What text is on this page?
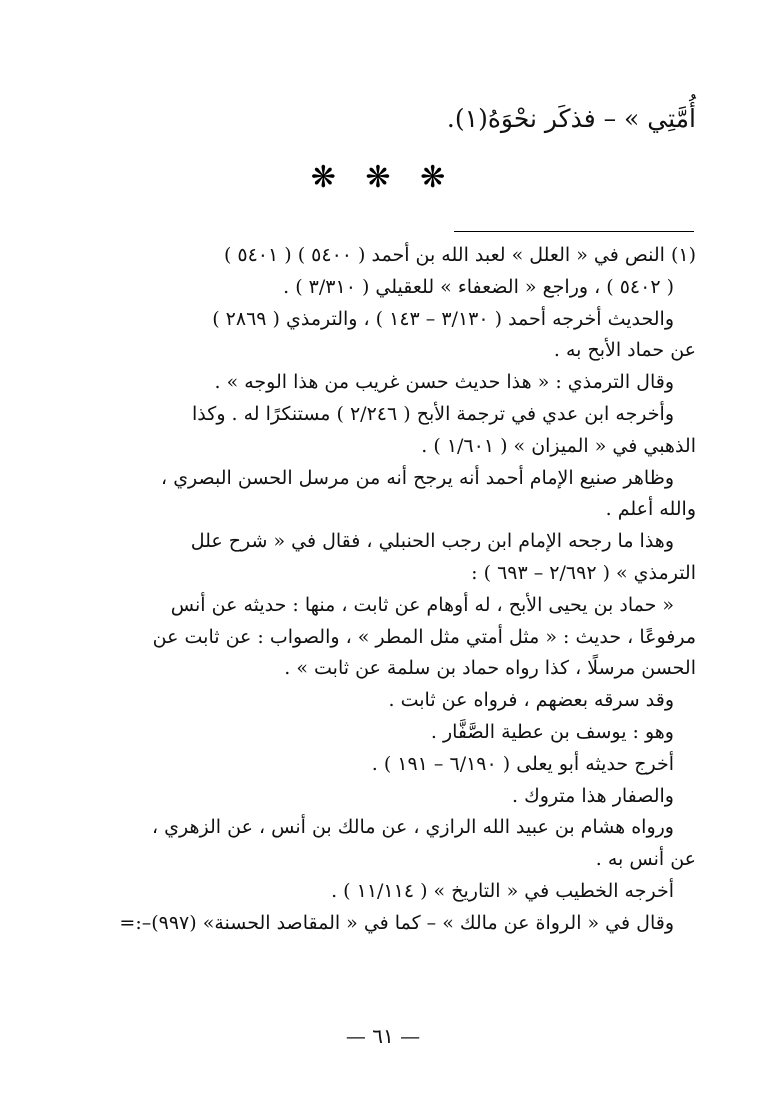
أُمَّتِي » – فذكَر نحْوَهُ(١).
❋ ❋ ❋

(١) النص في « العلل » لعبد الله بن أحمد ( ٥٤٠٠ ) ( ٥٤٠١ )

( ٥٤٠٢ ) ، وراجع « الضعفاء » للعقيلي ( ٣/٣١٠ ) .

والحديث أخرجه أحمد ( ٣/١٣٠ – ١٤٣ ) ، والترمذي ( ٢٨٦٩ )

عن حماد الأبح به .

وقال الترمذي : « هذا حديث حسن غريب من هذا الوجه » .

وأخرجه ابن عدي في ترجمة الأبح ( ٢/٢٤٦ ) مستنكرًا له . وكذا

الذهبي في « الميزان » ( ١/٦٠١ ) .

وظاهر صنيع الإمام أحمد أنه يرجح أنه من مرسل الحسن البصري ،

والله أعلم .

وهذا ما رجحه الإمام ابن رجب الحنبلي ، فقال في « شرح علل

الترمذي » ( ٢/٦٩٢ – ٦٩٣ ) :

« حماد بن يحيى الأبح ، له أوهام عن ثابت ، منها : حديثه عن أنس

مرفوعًا ، حديث : « مثل أمتي مثل المطر » ، والصواب : عن ثابت عن

الحسن مرسلًا ، كذا رواه حماد بن سلمة عن ثابت » .

وقد سرقه بعضهم ، فرواه عن ثابت .

وهو : يوسف بن عطية الصَّفَّار .

أخرج حديثه أبو يعلى ( ٦/١٩٠ – ١٩١ ) .

والصفار هذا متروك .

ورواه هشام بن عبيد الله الرازي ، عن مالك بن أنس ، عن الزهري ،

عن أنس به .

أخرجه الخطيب في « التاريخ » ( ١١/١١٤ ) .

وقال في « الرواة عن مالك » – كما في « المقاصد الحسنة» (٩٩٧)–:=

— ٦١ —
